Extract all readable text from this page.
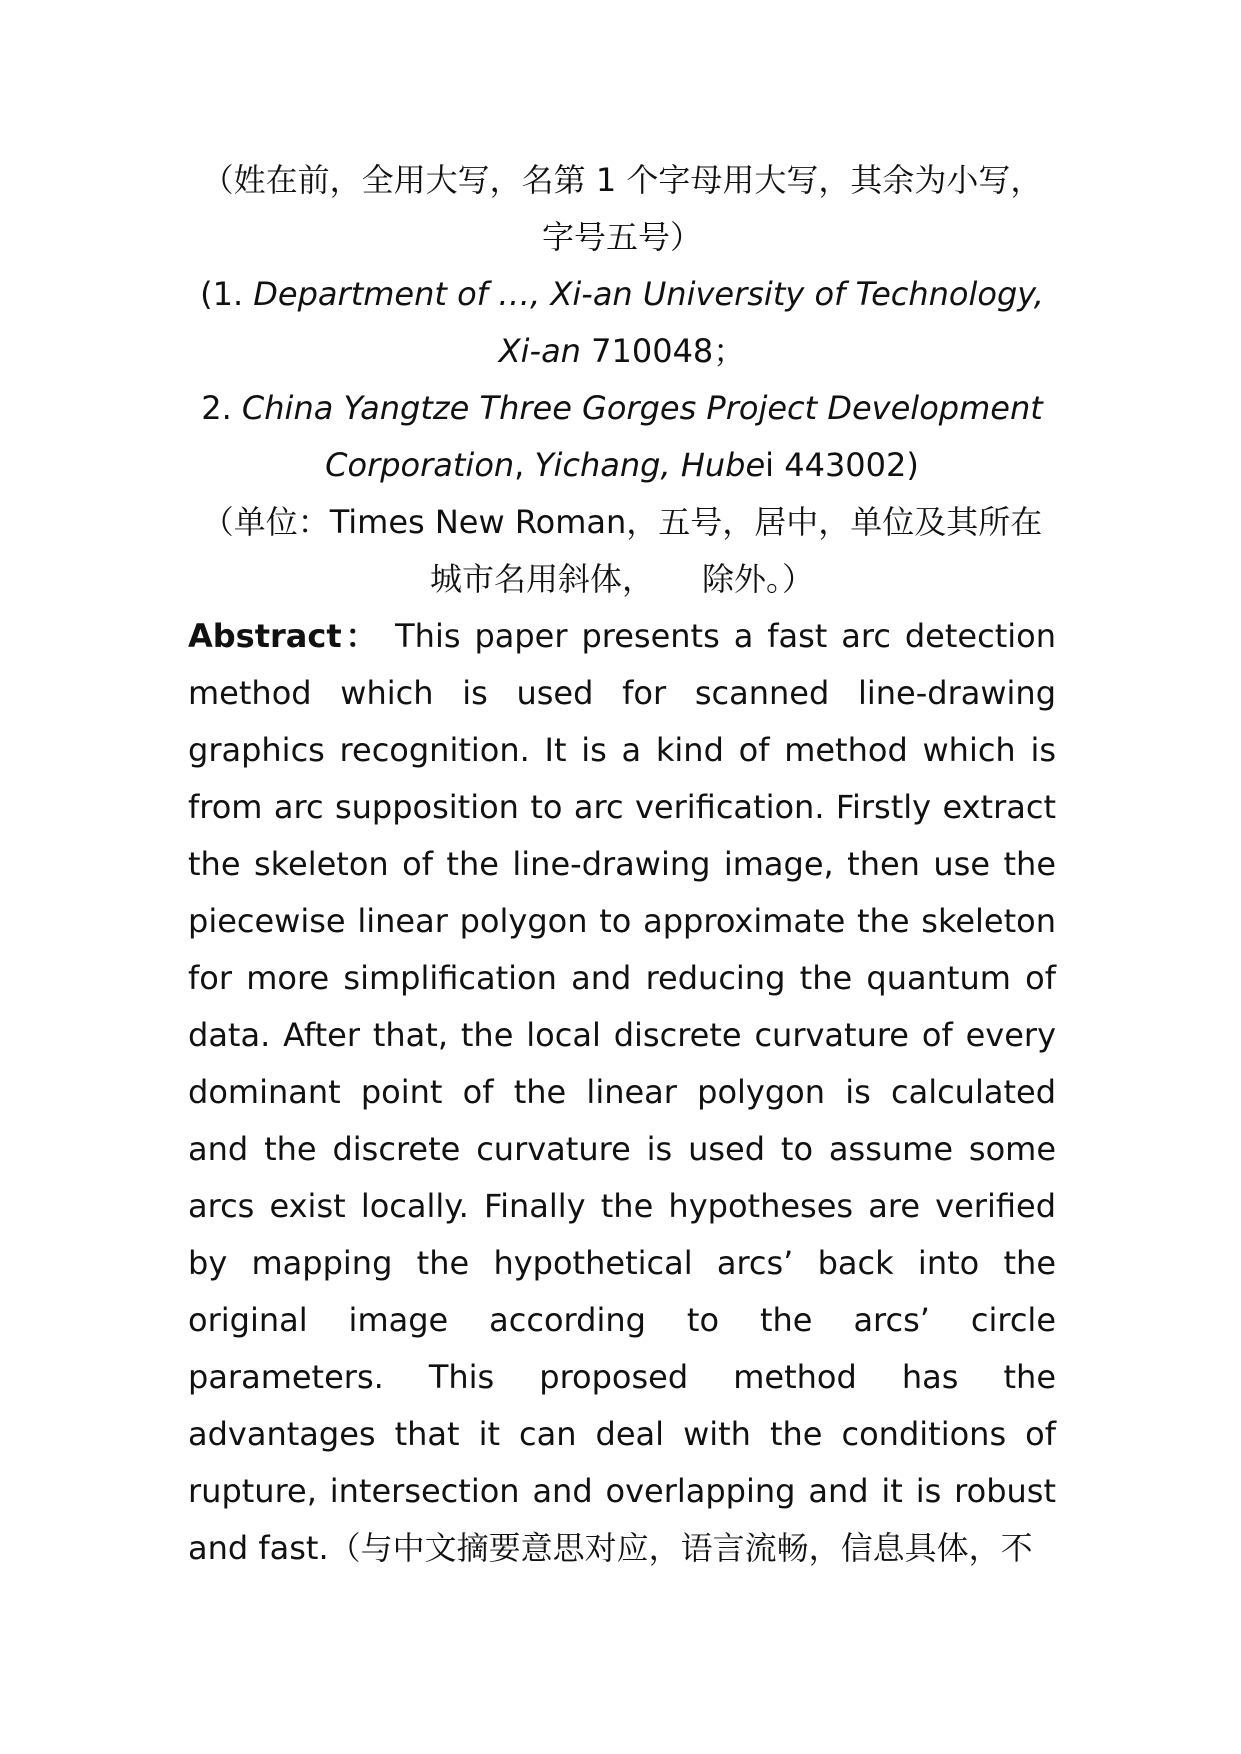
（姓在前，全用大写，名第 1 个字母用大写，其余为小写，
字号五号）
(1. Department of …, Xi-an University of Technology,
Xi-an 710048；
2. China Yangtze Three Gorges Project Development
Corporation, Yichang, Hubei 443002)
（单位：Times New Roman，五号，居中，单位及其所在
城市名用斜体，　　除外。）
Abstract： This paper presents a fast arc detection
method which is used for scanned line-drawing
graphics recognition. It is a kind of method which is
from arc supposition to arc verification. Firstly extract
the skeleton of the line-drawing image, then use the
piecewise linear polygon to approximate the skeleton
for more simplification and reducing the quantum of
data. After that, the local discrete curvature of every
dominant point of the linear polygon is calculated
and the discrete curvature is used to assume some
arcs exist locally. Finally the hypotheses are verified
by mapping the hypothetical arcs’ back into the
original image according to the arcs’ circle
parameters. This proposed method has the
advantages that it can deal with the conditions of
rupture, intersection and overlapping and it is robust
and fast.（与中文摘要意思对应，语言流畅，信息具体，不
